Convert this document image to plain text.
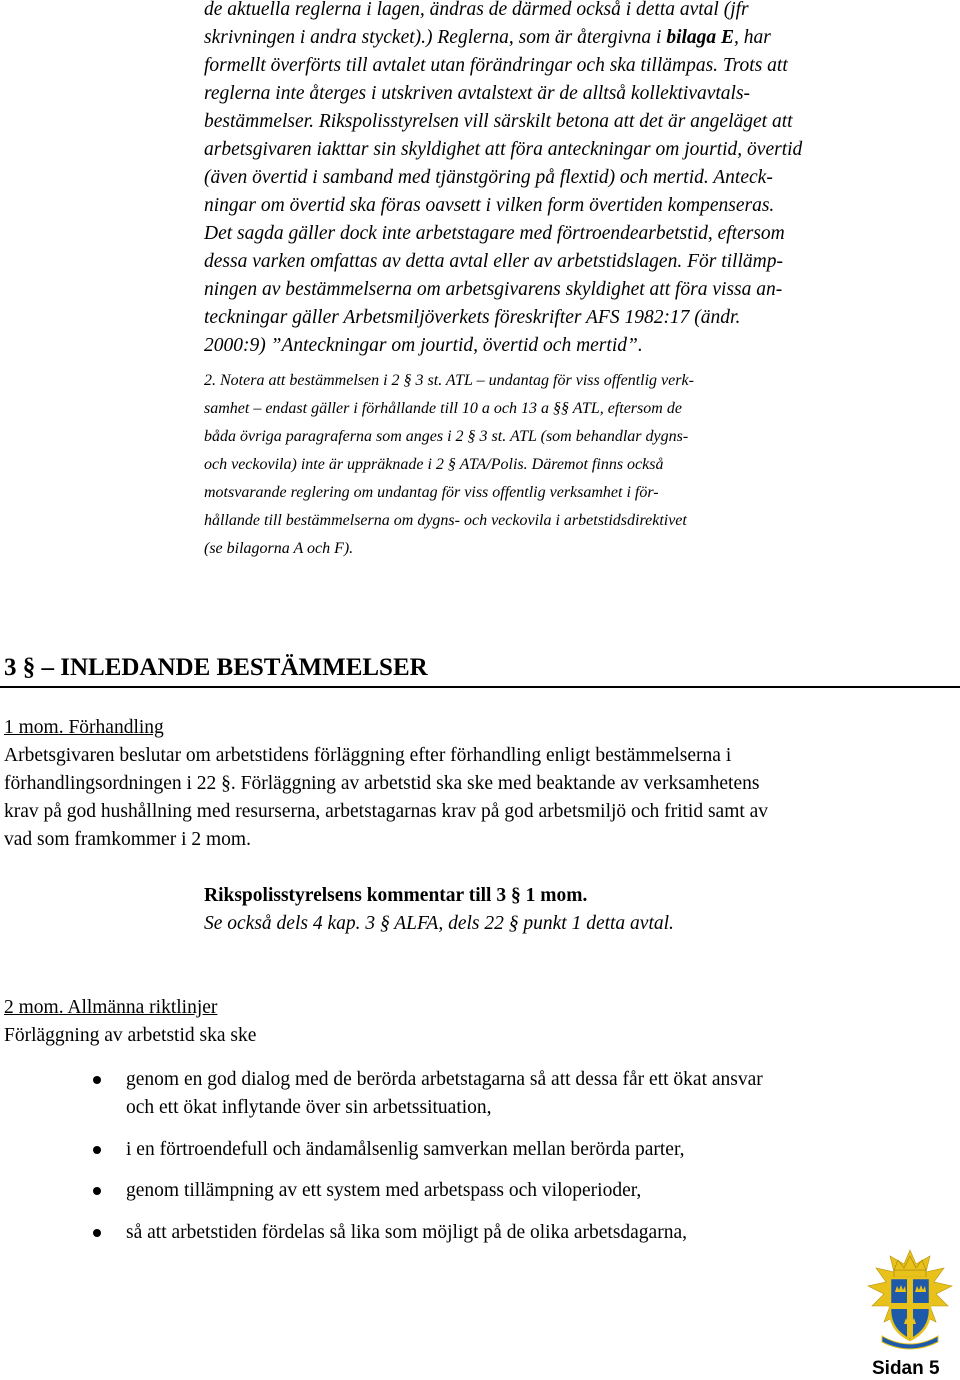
de aktuella reglerna i lagen, ändras de därmed också i detta avtal (jfr
skrivningen i andra stycket).) Reglerna, som är återgivna i bilaga E, har
formellt överförts till avtalet utan förändringar och ska tillämpas. Trots att
reglerna inte återges i utskriven avtalstext är de alltså kollektivavtals-
bestämmelser. Rikspolisstyrelsen vill särskilt betona att det är angeläget att
arbetsgivaren iakttar sin skyldighet att föra anteckningar om jourtid, övertid
(även övertid i samband med tjänstgöring på flextid) och mertid. Anteck-
ningar om övertid ska föras oavsett i vilken form övertiden kompenseras.
Det sagda gäller dock inte arbetstagare med förtroendearbetstid, eftersom
dessa varken omfattas av detta avtal eller av arbetstidslagen. För tillämp-
ningen av bestämmelserna om arbetsgivarens skyldighet att föra vissa an-
teckningar gäller Arbetsmiljöverkets föreskrifter AFS 1982:17 (ändr.
2000:9) ”Anteckningar om jourtid, övertid och mertid”.
2. Notera att bestämmelsen i 2 § 3 st. ATL – undantag för viss offentlig verk-
samhet – endast gäller i förhållande till 10 a och 13 a §§ ATL, eftersom de
båda övriga paragraferna som anges i 2 § 3 st. ATL (som behandlar dygns-
och veckovila) inte är uppräknade i 2 § ATA/Polis. Däremot finns också
motsvarande reglering om undantag för viss offentlig verksamhet i för-
hållande till bestämmelserna om dygns- och veckovila i arbetstidsdirektivet
(se bilagorna A och F).
3 § – INLEDANDE BESTÄMMELSER
1 mom. Förhandling
Arbetsgivaren beslutar om arbetstidens förläggning efter förhandling enligt bestämmelserna i
förhandlingsordningen i 22 §. Förläggning av arbetstid ska ske med beaktande av verksamhetens
krav på god hushållning med resurserna, arbetstagarnas krav på god arbetsmiljö och fritid samt av
vad som framkommer i 2 mom.
Rikspolisstyrelsens kommentar till 3 § 1 mom.
Se också dels 4 kap. 3 § ALFA, dels 22 § punkt 1 detta avtal.
2 mom. Allmänna riktlinjer
Förläggning av arbetstid ska ske
genom en god dialog med de berörda arbetstagarna så att dessa får ett ökat ansvar
och ett ökat inflytande över sin arbetssituation,
i en förtroendefull och ändamålsenlig samverkan mellan berörda parter,
genom tillämpning av ett system med arbetspass och viloperioder,
så att arbetstiden fördelas så lika som möjligt på de olika arbetsdagarna,
Sidan 5
